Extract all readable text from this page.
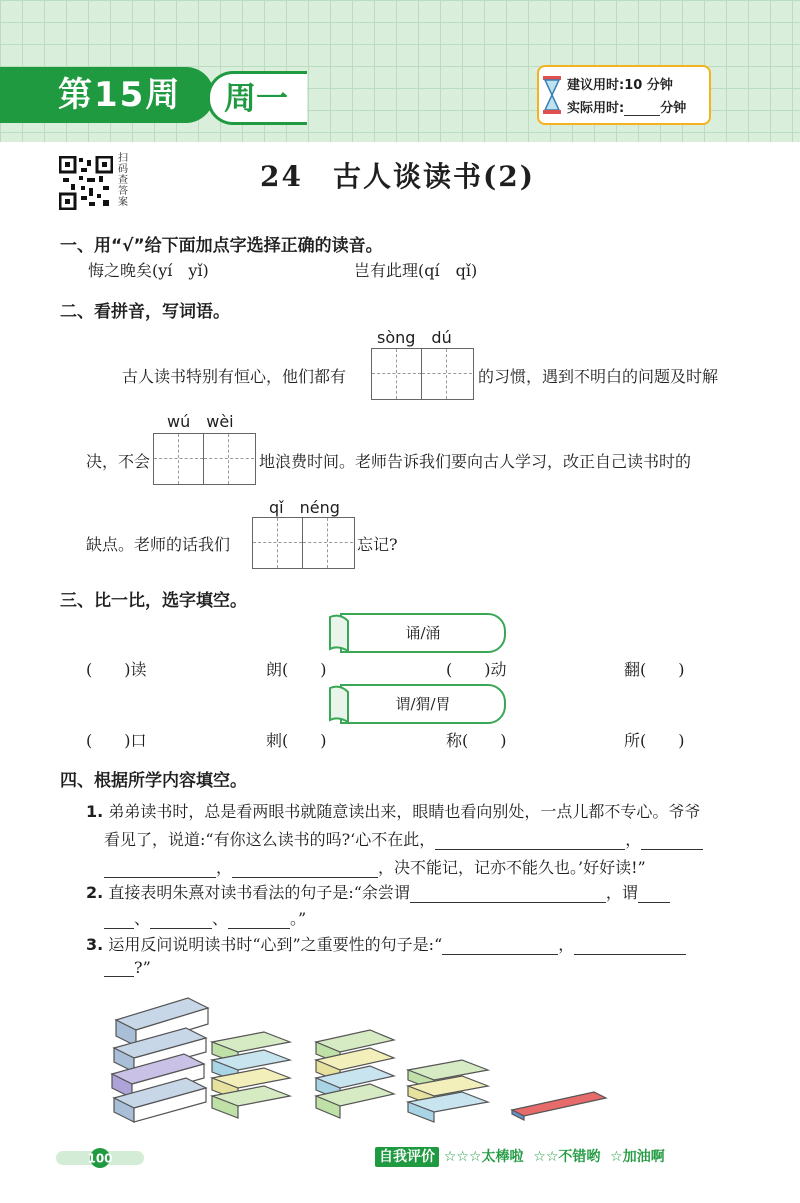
第15周	周一	建议用时:10 分钟
实际用时:	分钟
扫码查答案
24　古人谈读书(2)
一、用“√”给下面加点字选择正确的读音。
悔之晚矣(yí　yǐ)	岂有此理(qí　qǐ)
二、看拼音，写词语。
sòng　dú
古人读书特别有恒心，他们都有	的习惯，遇到不明白的问题及时解
wú　wèi
决，不会	地浪费时间。老师告诉我们要向古人学习，改正自己读书时的
qǐ　néng
缺点。老师的话我们	忘记?
三、比一比，选字填空。
诵/涌
(　　)读	朗(　　)	(　　)动	翻(　　)
谓/猬/胃
(　　)口	刺(　　)	称(　　)	所(　　)
四、根据所学内容填空。
1. 弟弟读书时，总是看两眼书就随意读出来，眼睛也看向别处，一点儿都不专心。爷爷
看见了，说道:“有你这么读书的吗?‘心不在此，	，
，	，决不能记，记亦不能久也。’好好读!”
2. 直接表明朱熹对读书看法的句子是:“余尝谓	，谓
、	、	。”
3. 运用反问说明读书时“心到”之重要性的句子是:“	，
?”
100	自我评价 ☆☆☆太棒啦  ☆☆不错哟  ☆加油啊
